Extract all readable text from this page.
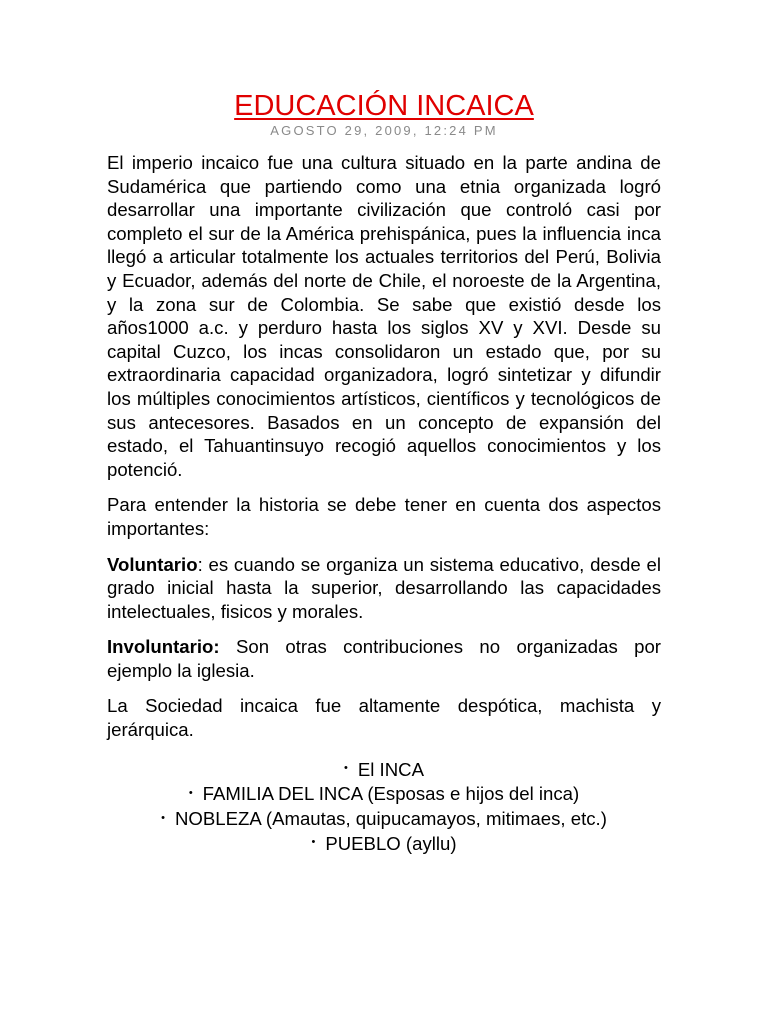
EDUCACIÓN INCAICA
AGOSTO 29, 2009, 12:24 PM

El imperio incaico fue una cultura situado en la parte andina de Sudamérica que partiendo como una etnia organizada logró desarrollar una importante civilización que controló casi por completo el sur de la América prehispánica, pues la influencia inca llegó a articular totalmente los actuales territorios del Perú, Bolivia y Ecuador, además del norte de Chile, el noroeste de la Argentina, y la zona sur de Colombia. Se sabe que existió desde los años1000 a.c. y perduro hasta los siglos XV y XVI. Desde su capital Cuzco, los incas consolidaron un estado que, por su extraordinaria capacidad organizadora, logró sintetizar y difundir los múltiples conocimientos artísticos, científicos y tecnológicos de sus antecesores. Basados en un concepto de expansión del estado, el Tahuantinsuyo recogió aquellos conocimientos y los potenció.

Para entender la historia se debe tener en cuenta dos aspectos importantes:

Voluntario: es cuando se organiza un sistema educativo, desde el grado inicial hasta la superior, desarrollando las capacidades intelectuales, fisicos y morales.

Involuntario: Son otras contribuciones no organizadas por ejemplo la iglesia.

La Sociedad incaica fue altamente despótica, machista y jerárquica.

• El INCA
• FAMILIA DEL INCA (Esposas e hijos del inca)
• NOBLEZA (Amautas, quipucamayos, mitimaes, etc.)
• PUEBLO (ayllu)
